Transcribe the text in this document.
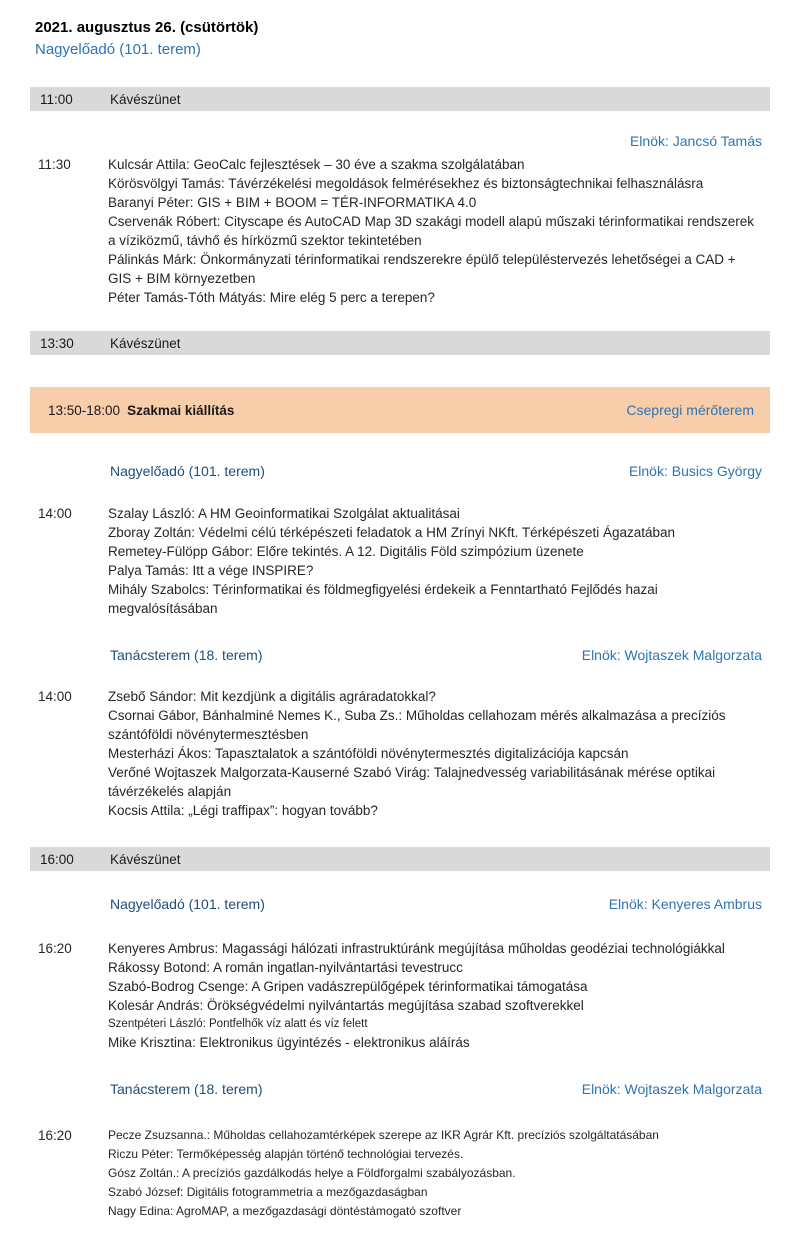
2021. augusztus 26. (csütörtök)
Nagyelőadó (101. terem)
11:00	Kávészünet
Elnök: Jancsó Tamás
11:30	Kulcsár Attila: GeoCalc fejlesztések – 30 éve a szakma szolgálatában
Körösvölgyi Tamás: Távérzékelési megoldások felmérésekhez és biztonságtechnikai felhasználásra
Baranyi Péter: GIS + BIM + BOOM = TÉR-INFORMATIKA 4.0
Cservenák Róbert: Cityscape és AutoCAD Map 3D szakági modell alapú műszaki térinformatikai rendszerek a víziközmű, távhő és hírközmű szektor tekintetében
Pálinkás Márk: Önkormányzati térinformatikai rendszerekre épülő településtervezés lehetőségei a CAD + GIS + BIM környezetben
Péter Tamás-Tóth Mátyás: Mire elég 5 perc a terepen?
13:30	Kávészünet
13:50-18:00 Szakmai kiállítás	Csepregi mérőterem
Nagyelőadó (101. terem)	Elnök: Busics György
14:00	Szalay László: A HM Geoinformatikai Szolgálat aktualitásai
Zboray Zoltán: Védelmi célú térképészeti feladatok a HM Zrínyi NKft. Térképészeti Ágazatában
Remetey-Fülöpp Gábor: Előre tekintés. A 12. Digitális Föld szimpózium üzenete
Palya Tamás: Itt a vége INSPIRE?
Mihály Szabolcs: Térinformatikai és földmegfigyelési érdekeik a Fenntartható Fejlődés hazai megvalósításában
Tanácsterem (18. terem)	Elnök: Wojtaszek Malgorzata
14:00	Zsebő Sándor: Mit kezdjünk a digitális agráradatokkal?
Csornai Gábor, Bánhalminé Nemes K., Suba Zs.: Műholdas cellahozam mérés alkalmazása a precíziós szántóföldi növénytermesztésben
Mesterházi Ákos: Tapasztalatok a szántóföldi növénytermesztés digitalizációja kapcsán
Verőné Wojtaszek Malgorzata-Kauserné Szabó Virág: Talajnedvesség variabilitásának mérése optikai távérzékelés alapján
Kocsis Attila: „Légi traffipax”: hogyan tovább?
16:00	Kávészünet
Nagyelőadó (101. terem)	Elnök: Kenyeres Ambrus
16:20	Kenyeres Ambrus: Magassági hálózati infrastruktúránk megújítása műholdas geodéziai technológiákkal
Rákossy Botond: A román ingatlan-nyilvántartási tevestrucc
Szabó-Bodrog Csenge: A Gripen vadászrepülőgépek térinformatikai támogatása
Kolesár András: Örökségvédelmi nyilvántartás megújítása szabad szoftverekkel
Szentpéteri László: Pontfelhők víz alatt és víz felett
Mike Krisztina: Elektronikus ügyintézés - elektronikus aláírás
Tanácsterem (18. terem)	Elnök: Wojtaszek Malgorzata
16:20	Pecze Zsuzsanna.: Műholdas cellahozamtérképek szerepe az IKR Agrár Kft. precíziós szolgáltatásában
Riczu Péter: Termőképesség alapján történő technológiai tervezés.
Gósz Zoltán.: A precíziós gazdálkodás helye a Földforgalmi szabályozásban.
Szabó József: Digitális fotogrammetria a mezőgazdaságban
Nagy Edina: AgroMAP, a mezőgazdasági döntéstámogató szoftver
